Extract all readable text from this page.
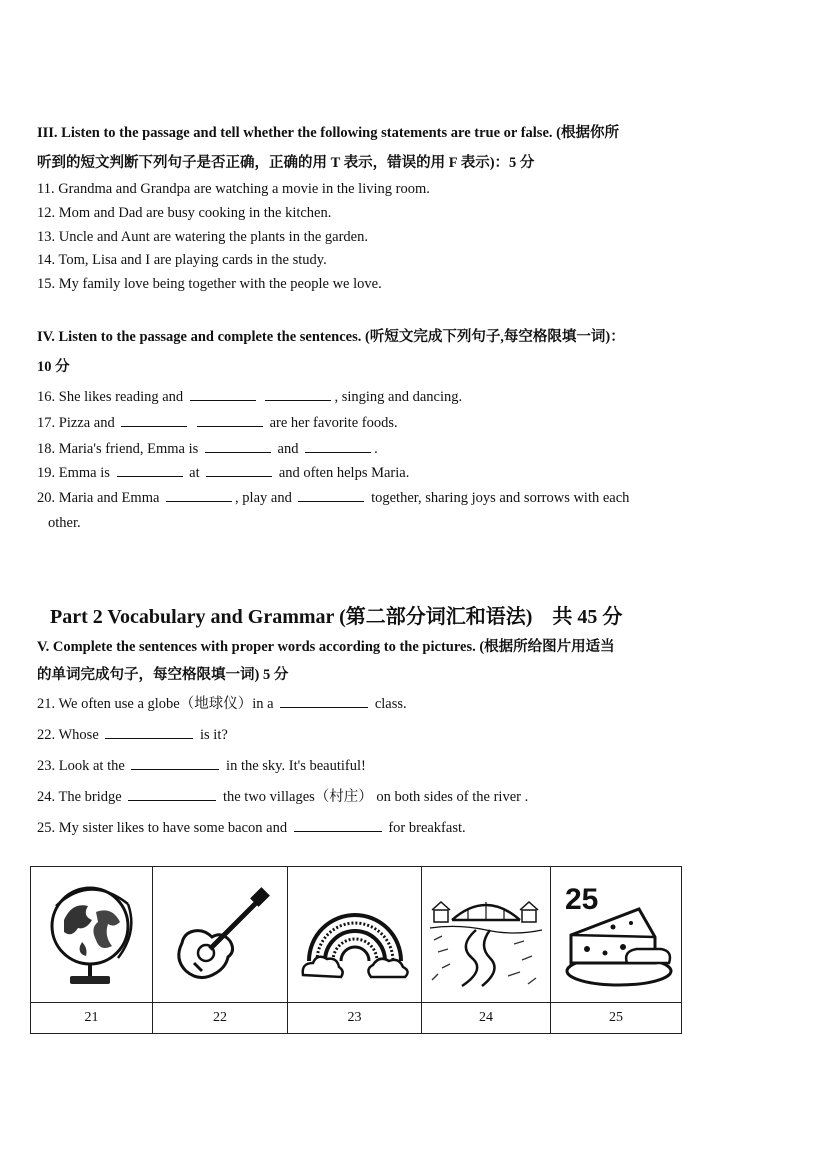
III. Listen to the passage and tell whether the following statements are true or false. (根据你所
听到的短文判断下列句子是否正确，正确的用 T 表示，错误的用 F 表示)：5 分
11. Grandma and Grandpa are watching a movie in the living room.
12. Mom and Dad are busy cooking in the kitchen.
13. Uncle and Aunt are watering the plants in the garden.
14. Tom, Lisa and I are playing cards in the study.
15. My family love being together with the people we love.
IV. Listen to the passage and complete the sentences. (听短文完成下列句子,每空格限填一词)：
10 分
16. She likes reading and	, singing and dancing.
17. Pizza and	are her favorite foods.
18. Maria's friend, Emma is	and	.
19. Emma is	at	and often helps Maria.
20. Maria and Emma	, play and	together, sharing joys and sorrows with each
other.
Part 2 Vocabulary and Grammar (第二部分词汇和语法)　共 45 分
V. Complete the sentences with proper words according to the pictures. (根据所给图片用适当
的单词完成句子，每空格限填一词) 5 分
21. We often use a globe（地球仪）in a	class.
22. Whose	is it?
23. Look at the	in the sky. It's beautiful!
24. The bridge	the two villages（村庄） on both sides of the river .
25. My sister likes to have some bacon and	for breakfast.
25
21	22	23	24	25
